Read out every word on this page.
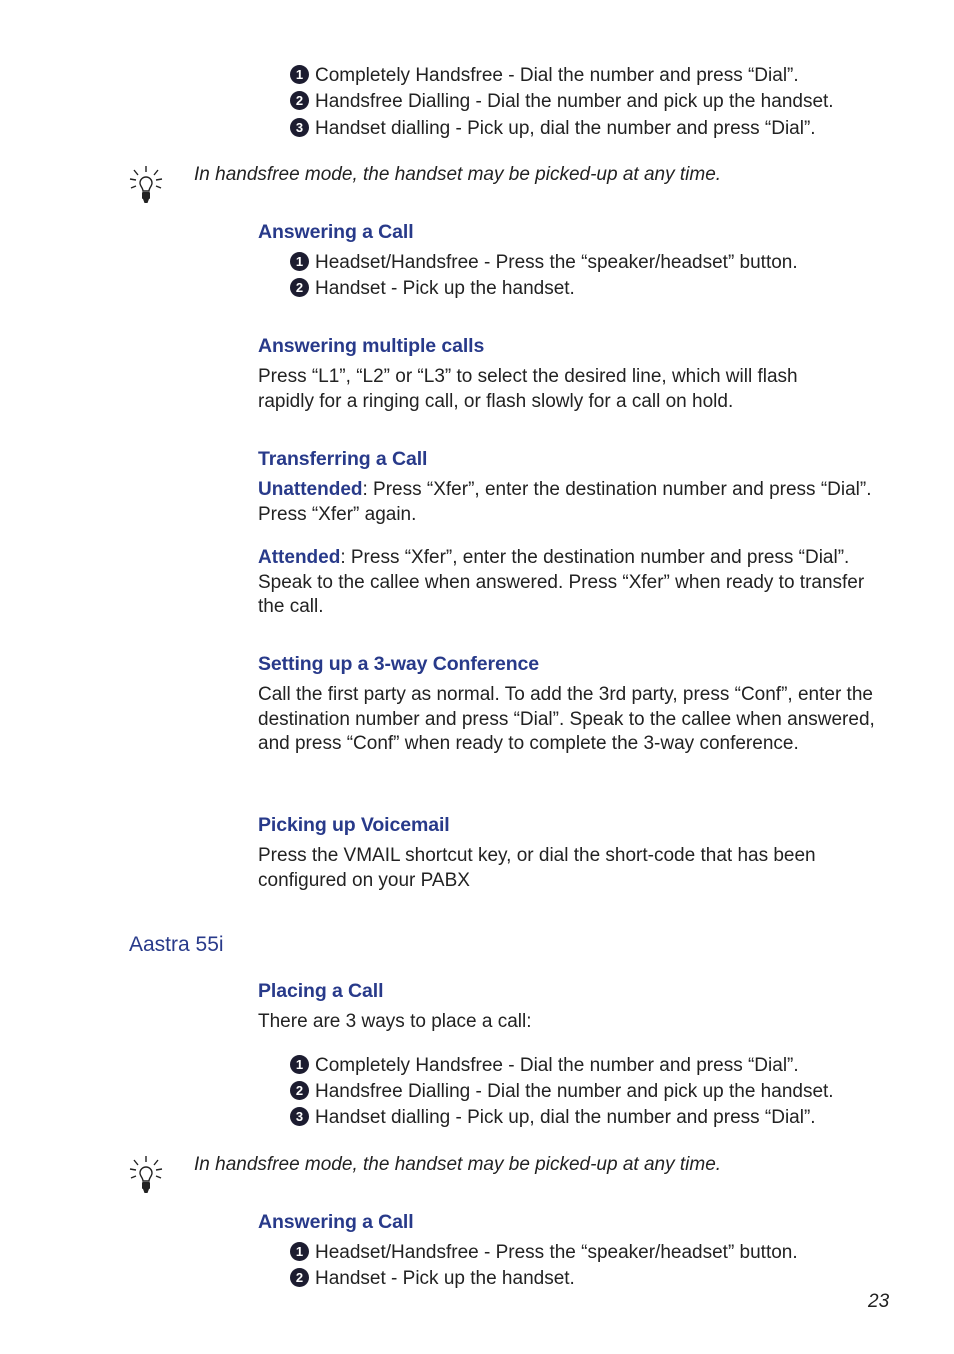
1 Completely Handsfree - Dial the number and press “Dial”.
2 Handsfree Dialling - Dial the number and pick up the handset.
3 Handset dialling - Pick up, dial the number and press “Dial”.
In handsfree mode, the handset may be picked-up at any time.
Answering a Call
1 Headset/Handsfree - Press the “speaker/headset” button.
2 Handset - Pick up the handset.
Answering multiple calls
Press “L1”, “L2” or “L3” to select the desired line, which will flash rapidly for a ringing call, or flash slowly for a call on hold.
Transferring a Call
Unattended: Press “Xfer”, enter the destination number and press “Dial”. Press “Xfer” again.
Attended: Press “Xfer”, enter the destination number and press “Dial”. Speak to the callee when answered. Press “Xfer” when ready to transfer the call.
Setting up a 3-way Conference
Call the first party as normal. To add the 3rd party, press “Conf”, enter the destination number and press “Dial”. Speak to the callee when answered, and press “Conf” when ready to complete the 3-way conference.
Picking up Voicemail
Press the VMAIL shortcut key, or dial the short-code that has been configured on your PABX
Aastra 55i
Placing a Call
There are 3 ways to place a call:
1 Completely Handsfree - Dial the number and press “Dial”.
2 Handsfree Dialling - Dial the number and pick up the handset.
3 Handset dialling - Pick up, dial the number and press “Dial”.
In handsfree mode, the handset may be picked-up at any time.
Answering a Call
1 Headset/Handsfree - Press the “speaker/headset” button.
2 Handset - Pick up the handset.
23
